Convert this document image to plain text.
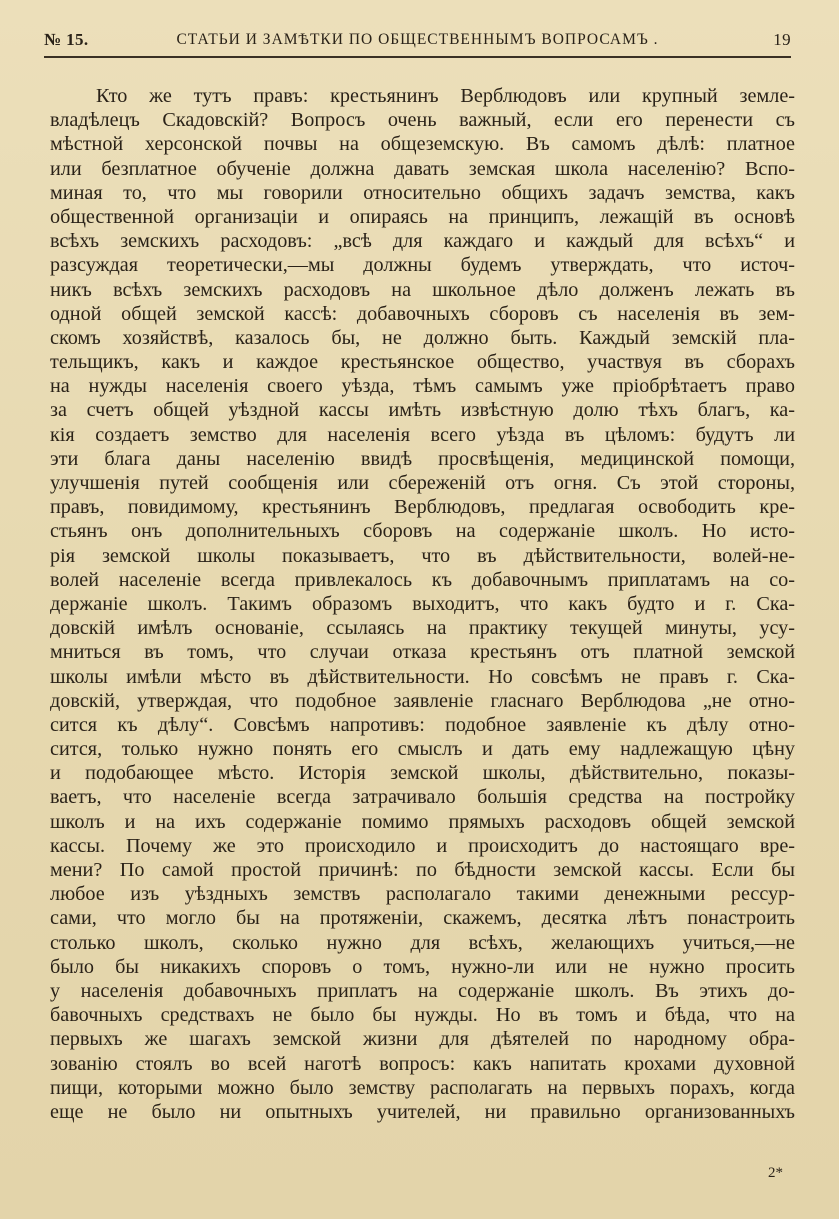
№ 15.	СТАТЬИ И ЗАМѢТКИ ПО ОБЩЕСТВЕННЫМЪ ВОПРОСАМЪ .	19
Кто же тутъ правъ: крестьянинъ Верблюдовъ или крупный земле-
владѣлецъ Скадовскій? Вопросъ очень важный, если его перенести съ
мѣстной херсонской почвы на общеземскую. Въ самомъ дѣлѣ: платное
или безплатное обученіе должна давать земская школа населенію? Вспо-
миная то, что мы говорили относительно общихъ задачъ земства, какъ
общественной организаціи и опираясь на принципъ, лежащій въ основѣ
всѣхъ земскихъ расходовъ: „всѣ для каждаго и каждый для всѣхъ“ и
разсуждая теоретически,—мы должны будемъ утверждать, что источ-
никъ всѣхъ земскихъ расходовъ на школьное дѣло долженъ лежать въ
одной общей земской кассѣ: добавочныхъ сборовъ съ населенія въ зем-
скомъ хозяйствѣ, казалось бы, не должно быть. Каждый земскій пла-
тельщикъ, какъ и каждое крестьянское общество, участвуя въ сборахъ
на нужды населенія своего уѣзда, тѣмъ самымъ уже пріобрѣтаетъ право
за счетъ общей уѣздной кассы имѣть извѣстную долю тѣхъ благъ, ка-
кія создаетъ земство для населенія всего уѣзда въ цѣломъ: будутъ ли
эти блага даны населенію ввидѣ просвѣщенія, медицинской помощи,
улучшенія путей сообщенія или сбереженій отъ огня. Съ этой стороны,
правъ, повидимому, крестьянинъ Верблюдовъ, предлагая освободить кре-
стьянъ онъ дополнительныхъ сборовъ на содержаніе школъ. Но исто-
рія земской школы показываетъ, что въ дѣйствительности, волей-не-
волей населеніе всегда привлекалось къ добавочнымъ приплатамъ на со-
держаніе школъ. Такимъ образомъ выходитъ, что какъ будто и г. Ска-
довскій имѣлъ основаніе, ссылаясь на практику текущей минуты, усу-
мниться въ томъ, что случаи отказа крестьянъ отъ платной земской
школы имѣли мѣсто въ дѣйствительности. Но совсѣмъ не правъ г. Ска-
довскій, утверждая, что подобное заявленіе гласнаго Верблюдова „не отно-
сится къ дѣлу“. Совсѣмъ напротивъ: подобное заявленіе къ дѣлу отно-
сится, только нужно понять его смыслъ и дать ему надлежащую цѣну
и подобающее мѣсто. Исторія земской школы, дѣйствительно, показы-
ваетъ, что населеніе всегда затрачивало большія средства на постройку
школъ и на ихъ содержаніе помимо прямыхъ расходовъ общей земской
кассы. Почему же это происходило и происходитъ до настоящаго вре-
мени? По самой простой причинѣ: по бѣдности земской кассы. Если бы
любое изъ уѣздныхъ земствъ располагало такими денежными рессур-
сами, что могло бы на протяженіи, скажемъ, десятка лѣтъ понастроить
столько школъ, сколько нужно для всѣхъ, желающихъ учиться,—не
было бы никакихъ споровъ о томъ, нужно-ли или не нужно просить
у населенія добавочныхъ приплатъ на содержаніе школъ. Въ этихъ до-
бавочныхъ средствахъ не было бы нужды. Но въ томъ и бѣда, что на
первыхъ же шагахъ земской жизни для дѣятелей по народному обра-
зованію стоялъ во всей наготѣ вопросъ: какъ напитать крохами духовной
пищи, которыми можно было земству располагать на первыхъ порахъ, когда
еще не было ни опытныхъ учителей, ни правильно организованныхъ
2*
